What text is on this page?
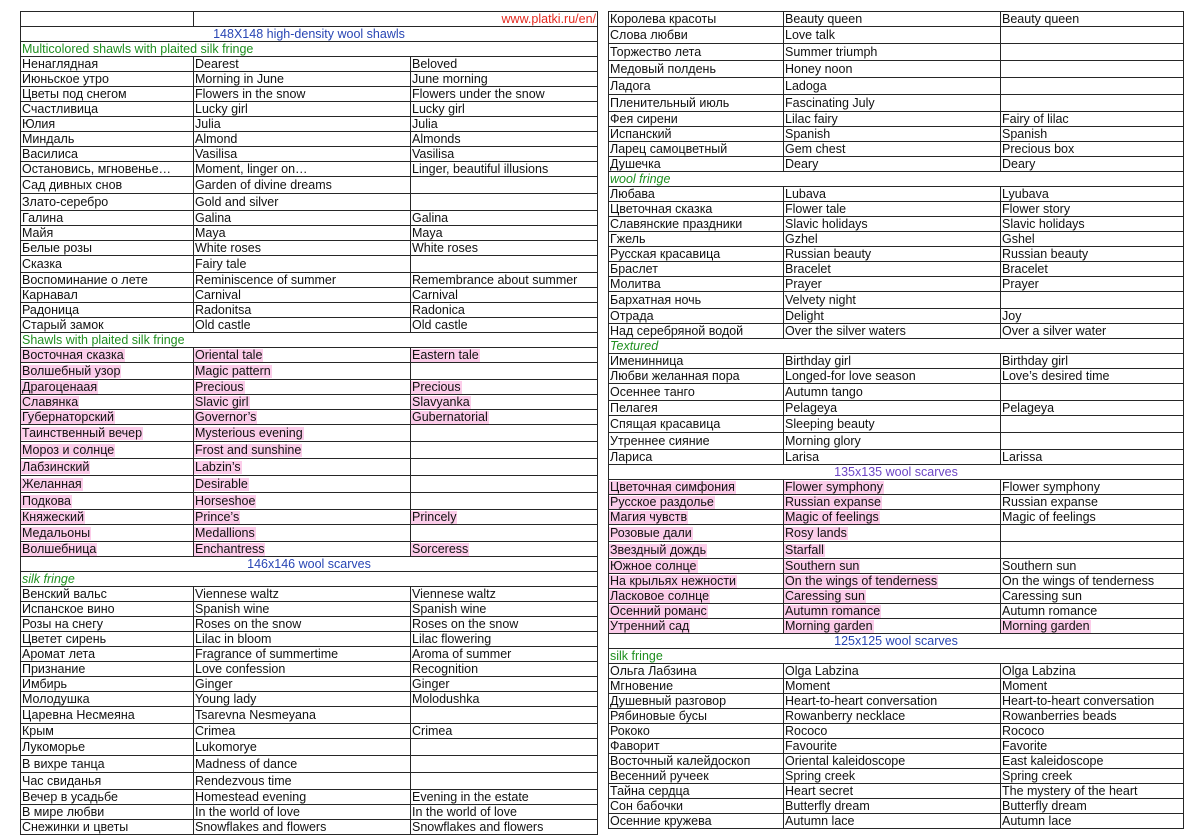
	www.platki.ru/en/	
148X148 high-density wool shawls		
Multicolored shawls with plaited silk fringe		
Ненаглядная	Dearest	Beloved
Июньское утро	Morning in June	June morning
Цветы под снегом	Flowers in the snow	Flowers under the snow
Счастливица	Lucky girl	Lucky girl
Юлия	Julia	Julia
Миндаль	Almond	Almonds
Василиса	Vasilisa	Vasilisa
Остановись, мгновенье…	Moment, linger on…	Linger, beautiful illusions
Сад дивных снов	Garden of divine dreams	
Злато-серебро	Gold and silver	
Галина	Galina	Galina
Майя	Maya	Maya
Белые розы	White roses	White roses
Сказка	Fairy tale	
Воспоминание о лете	Reminiscence of summer	Remembrance about summer
Карнавал	Carnival	Carnival
Радоница	Radonitsa	Radonica
Старый замок	Old castle	Old castle
Shawls with plaited silk fringe		
Восточная сказка	Oriental tale	Eastern tale
Волшебный узор	Magic pattern	
Драгоценаая	Precious	Precious
Славянка	Slavic girl	Slavyanka
Губернаторский	Governor’s	Gubernatorial
Таинственный вечер	Mysterious evening	
Мороз и солнце	Frost and sunshine	
Лабзинский	Labzin’s	
Желанная	Desirable	
Подкова	Horseshoe	
Княжеский	Prince’s	Princely
Медальоны	Medallions	
Волшебница	Enchantress	Sorceress
146x146 wool scarves		
silk fringe		
Венский вальс	Viennese waltz	Viennese waltz
Испанское вино	Spanish wine	Spanish wine
Розы на снегу	Roses on the snow	Roses on the snow
Цветет сирень	Lilac in bloom	Lilac flowering
Аромат лета	Fragrance of summertime	Aroma of summer
Признание	Love confession	Recognition
Имбирь	Ginger	Ginger
Молодушка	Young lady	Molodushka
Царевна Несмеяна	Tsarevna Nesmeyana	
Крым	Crimea	Crimea
Лукоморье	Lukomorye	
В вихре танца	Madness of dance	
Час свиданья	Rendezvous time	
Вечер в усадьбе	Homestead evening	Evening in the estate
В мире любви	In the world of love	In the world of love
Снежинки и цветы	Snowflakes and flowers	Snowflakes and flowers
Королева красоты	Beauty queen	Beauty queen
Слова любви	Love talk	
Торжество лета	Summer triumph	
Медовый полдень	Honey noon	
Ладога	Ladoga	
Пленительный июль	Fascinating July	
Фея сирени	Lilac fairy	Fairy of lilac
Испанский	Spanish	Spanish
Ларец самоцветный	Gem chest	Precious box
Душечка	Deary	Deary
wool fringe		
Любава	Lubava	Lyubava
Цветочная сказка	Flower tale	Flower story
Славянские праздники	Slavic holidays	Slavic holidays
Гжель	Gzhel	Gshel
Русская красавица	Russian beauty	Russian beauty
Браслет	Bracelet	Bracelet
Молитва	Prayer	Prayer
Бархатная ночь	Velvety night	
Отрада	Delight	Joy
Над серебряной водой	Over the silver waters	Over a silver water
Textured		
Именинница	Birthday girl	Birthday girl
Любви желанная пора	Longed-for love season	Love’s desired time
Осеннее танго	Autumn tango	
Пелагея	Pelageya	Pelageya
Спящая красавица	Sleeping beauty	
Утреннее сияние	Morning glory	
Лариса	Larisa	Larissa
135x135 wool scarves		
Цветочная симфония	Flower symphony	Flower symphony
Русское раздолье	Russian expanse	Russian expanse
Магия чувств	Magic of feelings	Magic of feelings
Розовые дали	Rosy lands	
Звездный дождь	Starfall	
Южное солнце	Southern sun	Southern sun
На крыльях нежности	On the wings of tenderness	On the wings of tenderness
Ласковое солнце	Caressing sun	Caressing sun
Осенний романс	Autumn romance	Autumn romance
Утренний сад	Morning garden	Morning garden
125x125 wool scarves		
silk fringe		
Ольга Лабзина	Olga Labzina	Olga Labzina
Мгновение	Moment	Moment
Душевный разговор	Heart-to-heart conversation	Heart-to-heart conversation
Рябиновые бусы	Rowanberry necklace	Rowanberries beads
Рококо	Rococo	Rococo
Фаворит	Favourite	Favorite
Восточный калейдоскоп	Oriental kaleidoscope	East kaleidoscope
Весенний ручеек	Spring creek	Spring creek
Тайна сердца	Heart secret	The mystery of the heart
Сон бабочки	Butterfly dream	Butterfly dream
Осенние кружева	Autumn lace	Autumn lace
